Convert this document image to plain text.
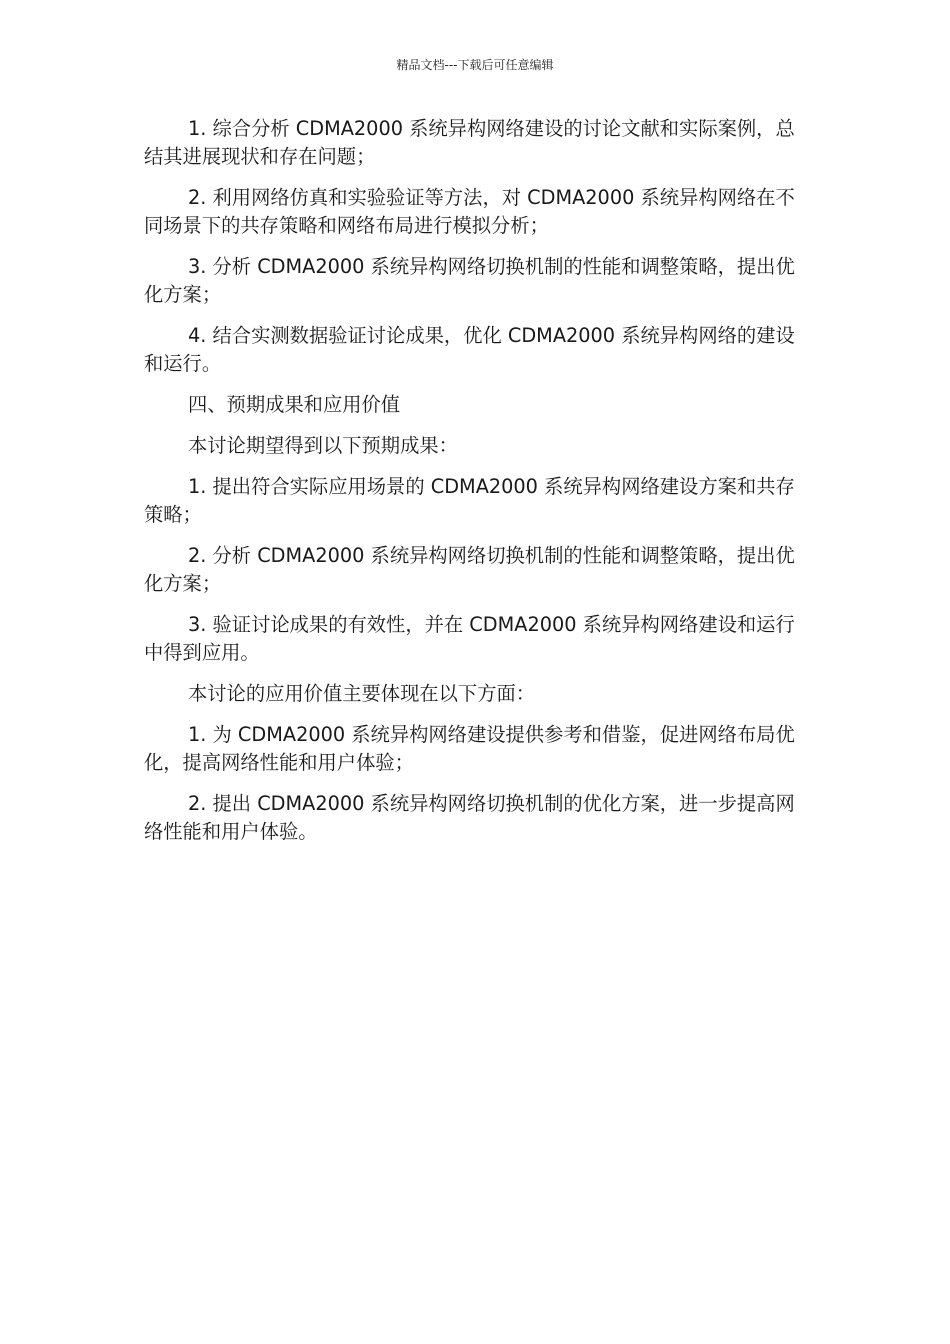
精品文档---下载后可任意编辑

1. 综合分析 CDMA2000 系统异构网络建设的讨论文献和实际案例，总结其进展现状和存在问题；

2. 利用网络仿真和实验验证等方法，对 CDMA2000 系统异构网络在不同场景下的共存策略和网络布局进行模拟分析；

3. 分析 CDMA2000 系统异构网络切换机制的性能和调整策略，提出优化方案；

4. 结合实测数据验证讨论成果，优化 CDMA2000 系统异构网络的建设和运行。

四、预期成果和应用价值

本讨论期望得到以下预期成果：

1. 提出符合实际应用场景的 CDMA2000 系统异构网络建设方案和共存策略；

2. 分析 CDMA2000 系统异构网络切换机制的性能和调整策略，提出优化方案；

3. 验证讨论成果的有效性，并在 CDMA2000 系统异构网络建设和运行中得到应用。

本讨论的应用价值主要体现在以下方面：

1. 为 CDMA2000 系统异构网络建设提供参考和借鉴，促进网络布局优化，提高网络性能和用户体验；

2. 提出 CDMA2000 系统异构网络切换机制的优化方案，进一步提高网络性能和用户体验。
